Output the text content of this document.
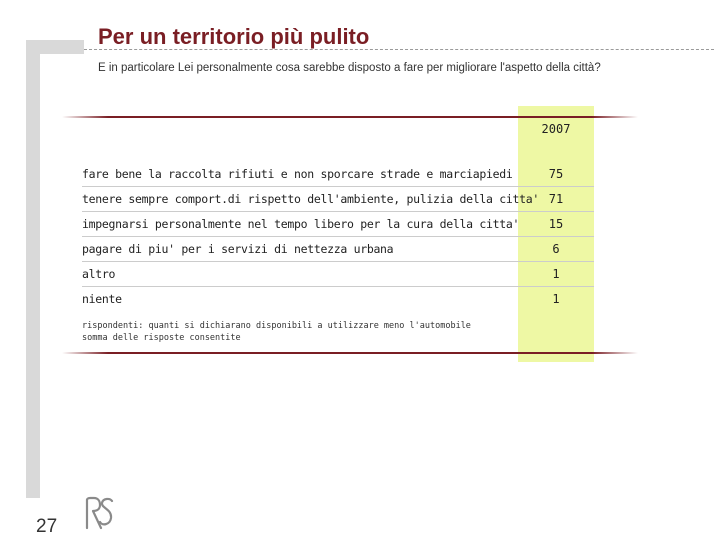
Per un territorio più pulito
E in particolare Lei personalmente cosa sarebbe disposto a fare per migliorare l'aspetto della città?
2007
fare bene la raccolta rifiuti e non sporcare strade e marciapiedi	75
tenere sempre comport.di rispetto dell'ambiente, pulizia della citta' 71
impegnarsi personalmente nel tempo libero per la cura della citta'	15
pagare di piu' per i servizi di nettezza urbana	6
altro	1
niente	1
rispondenti: quanti si dichiarano disponibili a utilizzare meno l'automobile
somma delle risposte consentite
27
